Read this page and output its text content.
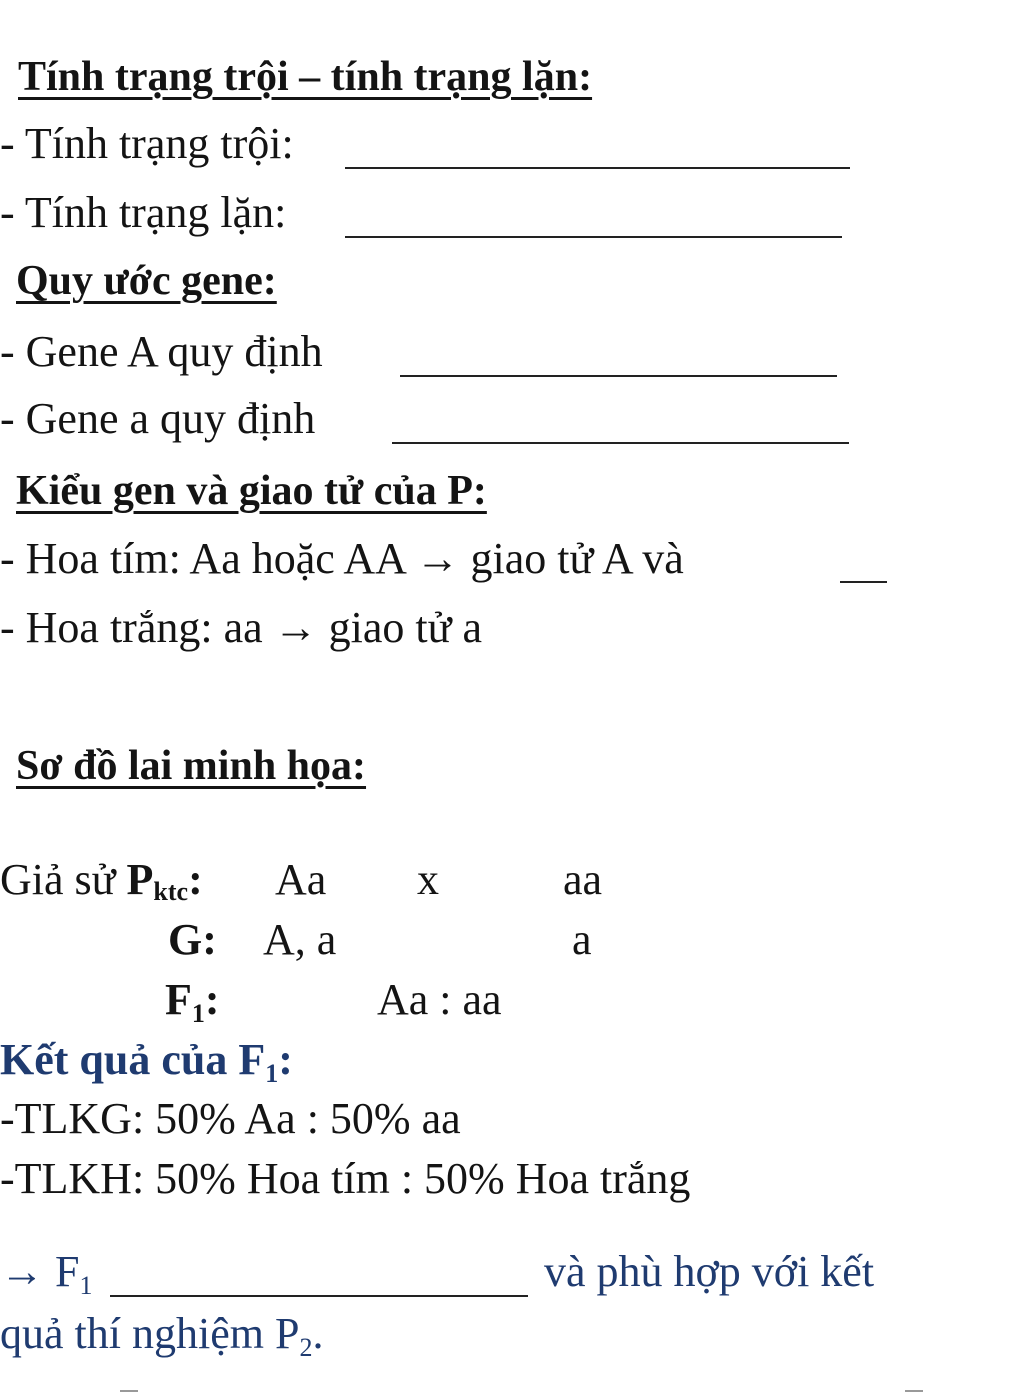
Tính trạng trội – tính trạng lặn:
- Tính trạng trội:
- Tính trạng lặn:
Quy ước gene:
- Gene A quy định
- Gene a quy định
Kiểu gen và giao tử của P:
- Hoa tím: Aa hoặc AA → giao tử A và
- Hoa trắng: aa → giao tử a
Sơ đồ lai minh họa:
Giả sử Pktc: Aa x	aa
G: A, a	a
F1:	Aa : aa
Kết quả của F1:
-TLKG: 50% Aa : 50% aa
-TLKH: 50% Hoa tím : 50% Hoa trắng
→ F1	và phù hợp với kết
quả thí nghiệm P2.
